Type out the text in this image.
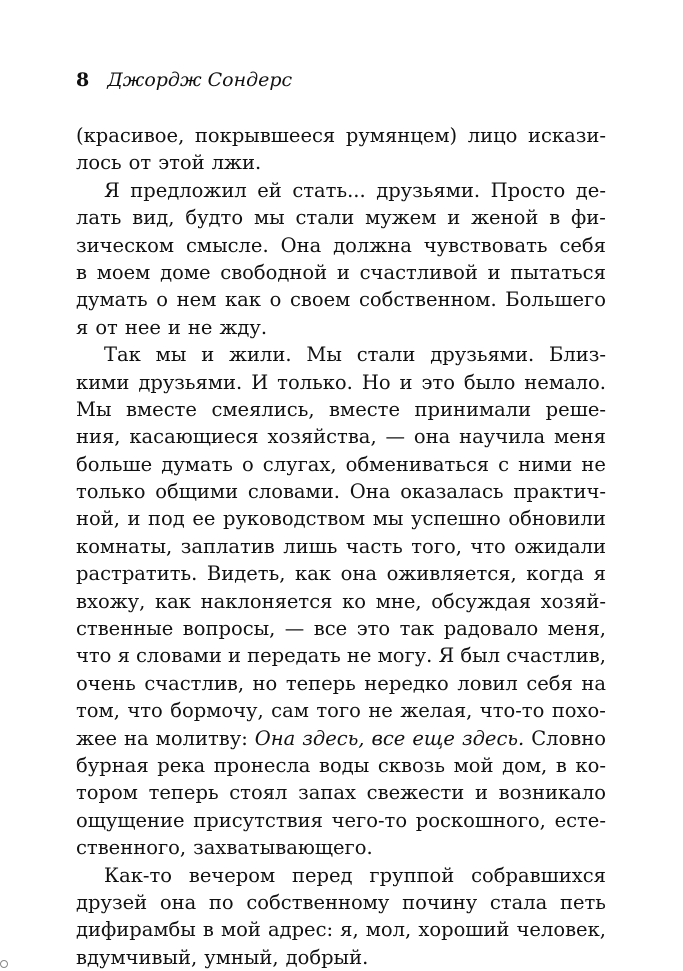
8 Джордж Сондерс
(красивое, покрывшееся румянцем) лицо искази-
лось от этой лжи.
Я предложил ей стать... друзьями. Просто де-
лать вид, будто мы стали мужем и женой в фи-
зическом смысле. Она должна чувствовать себя
в моем доме свободной и счастливой и пытаться
думать о нем как о своем собственном. Большего
я от нее и не жду.
Так мы и жили. Мы стали друзьями. Близ-
кими друзьями. И только. Но и это было немало.
Мы вместе смеялись, вместе принимали реше-
ния, касающиеся хозяйства, — она научила меня
больше думать о слугах, обмениваться с ними не
только общими словами. Она оказалась практич-
ной, и под ее руководством мы успешно обновили
комнаты, заплатив лишь часть того, что ожидали
растратить. Видеть, как она оживляется, когда я
вхожу, как наклоняется ко мне, обсуждая хозяй-
ственные вопросы, — все это так радовало меня,
что я словами и передать не могу. Я был счастлив,
очень счастлив, но теперь нередко ловил себя на
том, что бормочу, сам того не желая, что-то похо-
жее на молитву: Она здесь, все еще здесь. Словно
бурная река пронесла воды сквозь мой дом, в ко-
тором теперь стоял запах свежести и возникало
ощущение присутствия чего-то роскошного, есте-
ственного, захватывающего.
Как-то вечером перед группой собравшихся
друзей она по собственному почину стала петь
дифирамбы в мой адрес: я, мол, хороший человек,
вдумчивый, умный, добрый.
